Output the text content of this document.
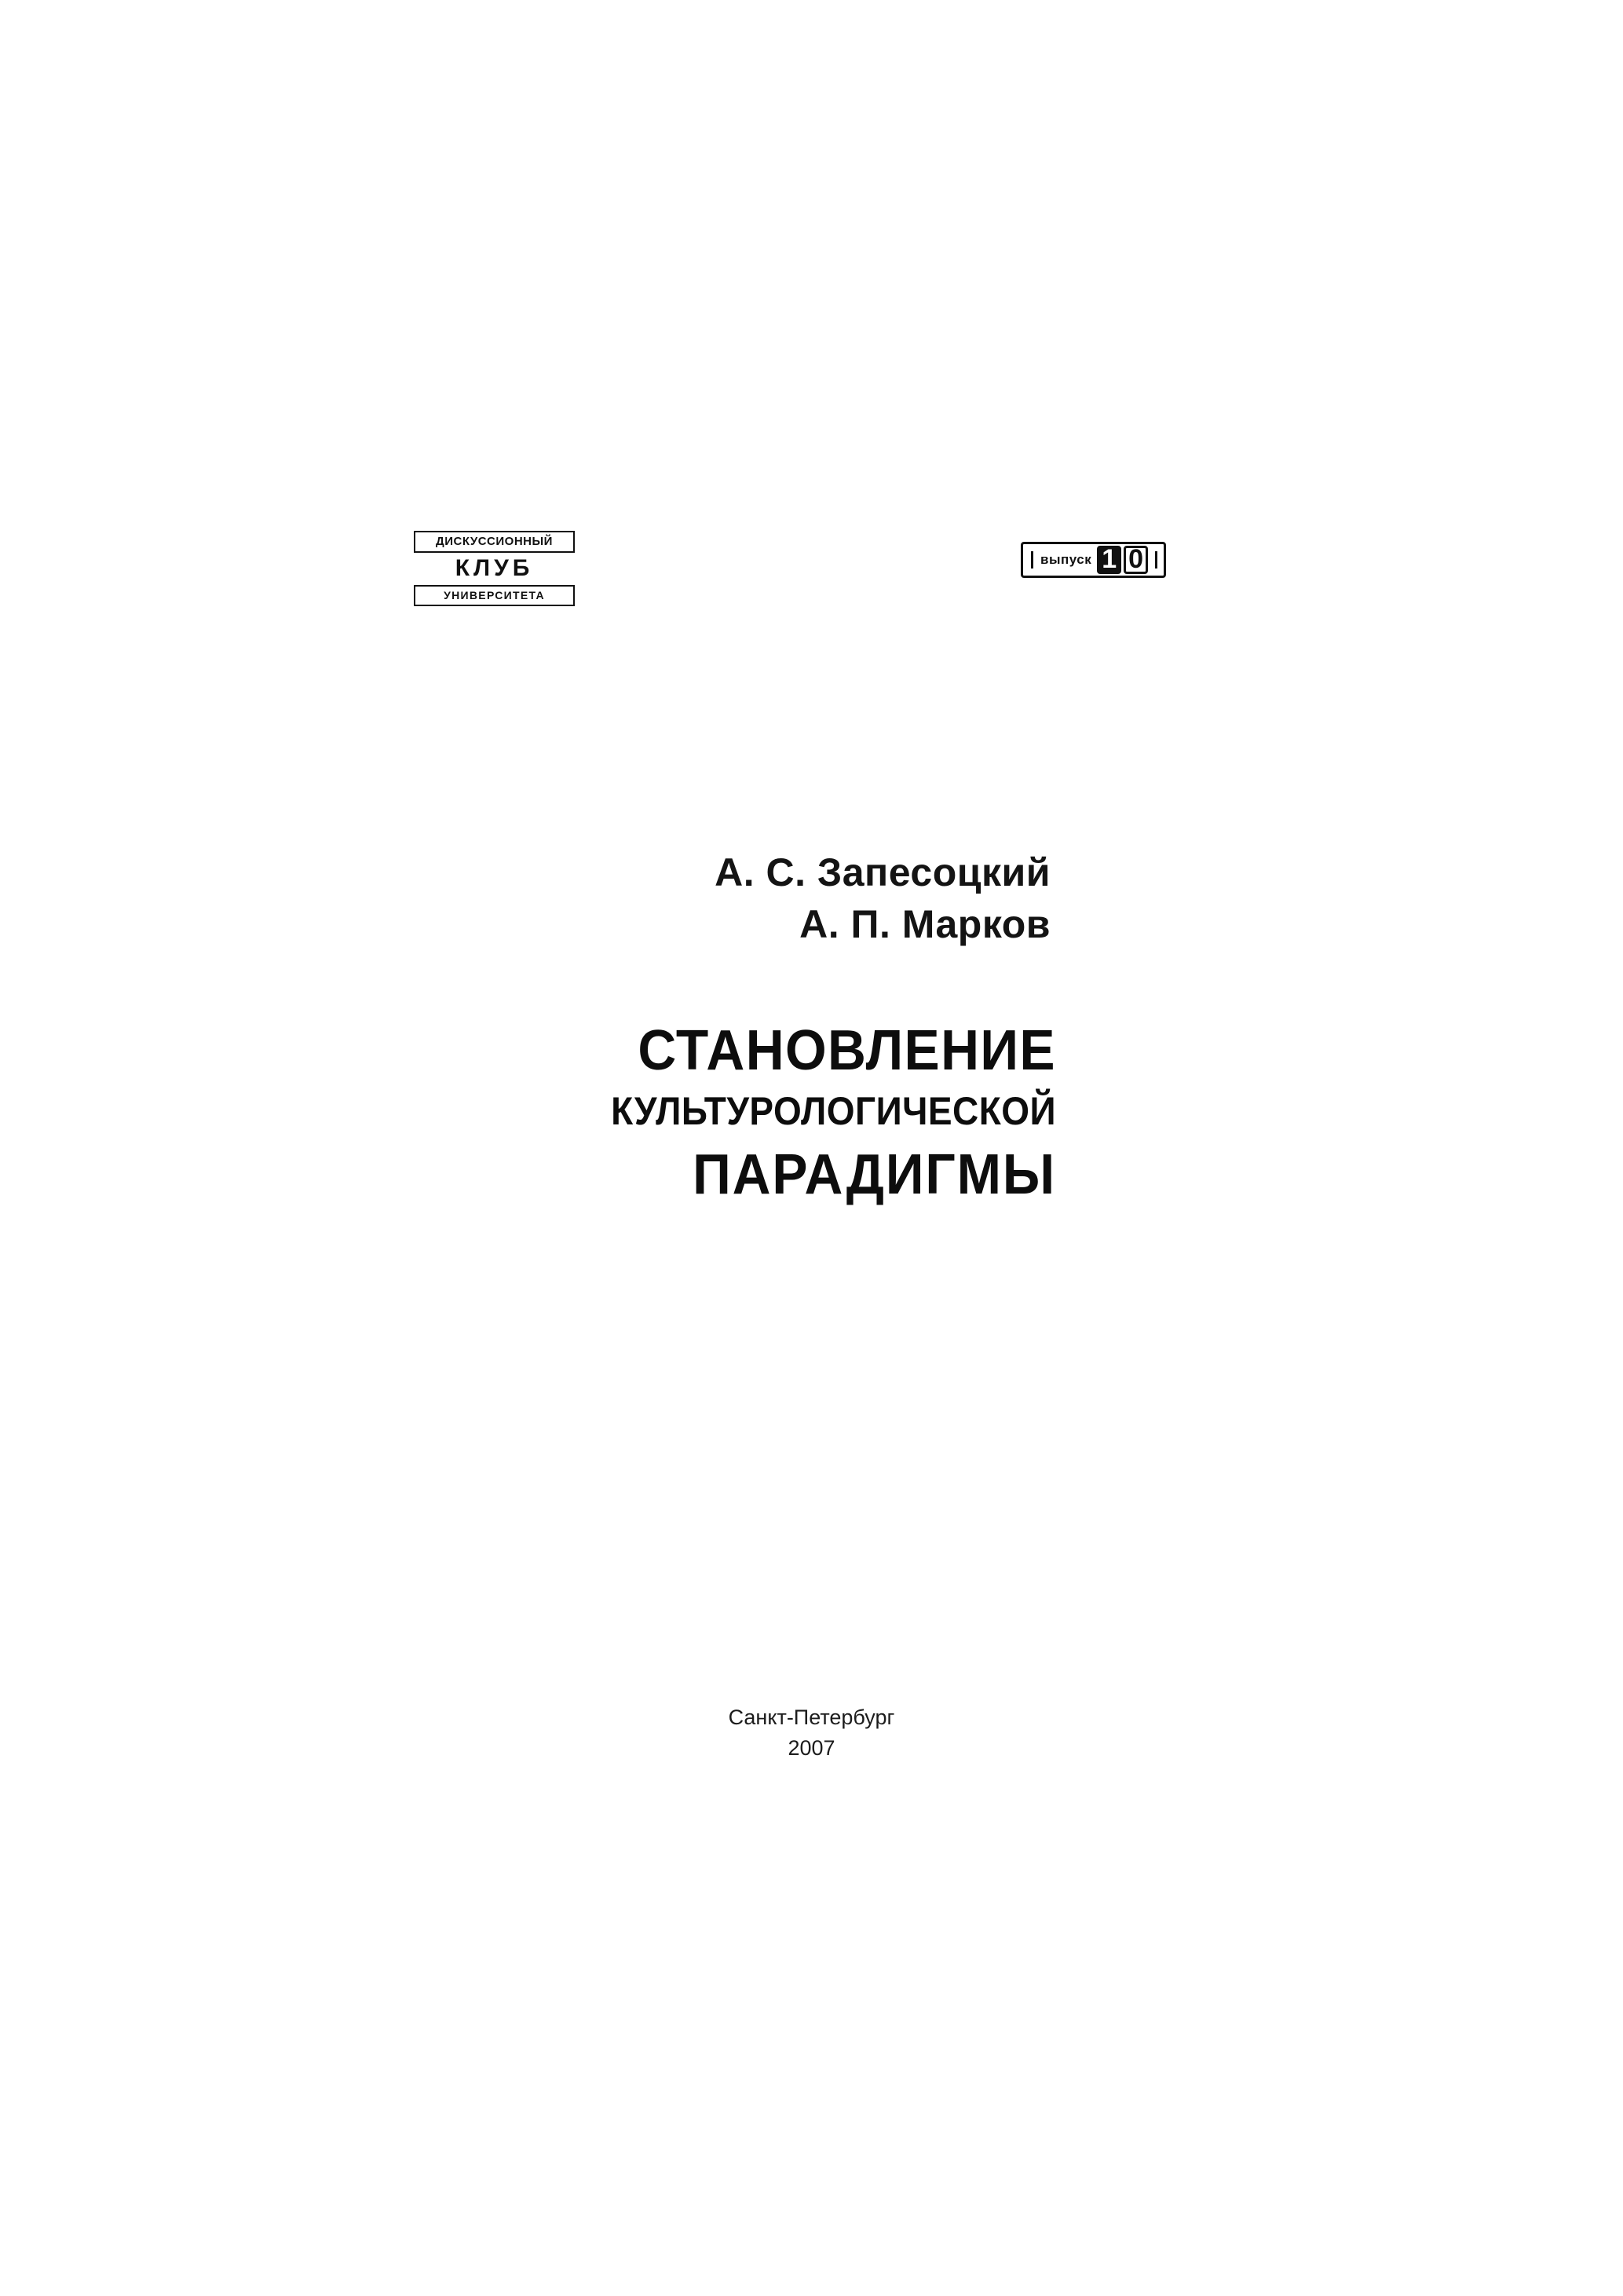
ДИСКУССИОННЫЙ
КЛУБ
УНИВЕРСИТЕТА
выпуск 1 0
А. С. Запесоцкий
А. П. Марков
СТАНОВЛЕНИЕ
КУЛЬТУРОЛОГИЧЕСКОЙ
ПАРАДИГМЫ
Санкт-Петербург
2007
